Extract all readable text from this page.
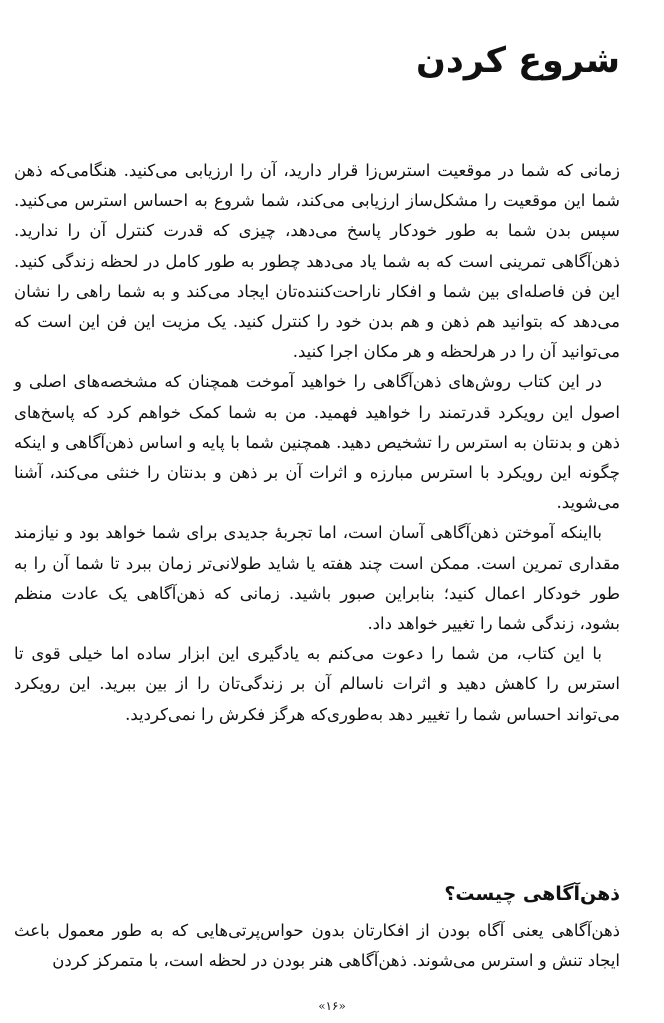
شروع کردن

زمانی که شما در موقعیت استرس‌زا قرار دارید، آن را ارزیابی می‌کنید. هنگامی‌که ذهن شما این موقعیت را مشکل‌ساز ارزیابی می‌کند، شما شروع به احساس استرس می‌کنید. سپس بدن شما به طور خودکار پاسخ می‌دهد، چیزی که قدرت کنترل آن را ندارید. ذهن‌آگاهی تمرینی است که به شما یاد می‌دهد چطور به طور کامل در لحظه زندگی کنید. این فن فاصله‌ای بین شما و افکار ناراحت‌کننده‌تان ایجاد می‌کند و به شما راهی را نشان می‌دهد که بتوانید هم ذهن و هم بدن خود را کنترل کنید. یک مزیت این فن این است که می‌توانید آن را در هرلحظه و هر مکان اجرا کنید.

در این کتاب روش‌های ذهن‌آگاهی را خواهید آموخت همچنان که مشخصه‌های اصلی و اصول این رویکرد قدرتمند را خواهید فهمید. من به شما کمک خواهم کرد که پاسخ‌های ذهن و بدنتان به استرس را تشخیص دهید. همچنین شما با پایه و اساس ذهن‌آگاهی و اینکه چگونه این رویکرد با استرس مبارزه و اثرات آن بر ذهن و بدنتان را خنثی می‌کند، آشنا می‌شوید.

بااینکه آموختن ذهن‌آگاهی آسان است، اما تجربهٔ جدیدی برای شما خواهد بود و نیازمند مقداری تمرین است. ممکن است چند هفته یا شاید طولانی‌تر زمان ببرد تا شما آن را به طور خودکار اعمال کنید؛ بنابراین صبور باشید. زمانی که ذهن‌آگاهی یک عادت منظم بشود، زندگی شما را تغییر خواهد داد.

با این کتاب، من شما را دعوت می‌کنم به یادگیری این ابزار ساده اما خیلی قوی تا استرس را کاهش دهید و اثرات ناسالم آن بر زندگی‌تان را از بین ببرید. این رویکرد می‌تواند احساس شما را تغییر دهد به‌طوری‌که هرگز فکرش را نمی‌کردید.

ذهن‌آگاهی چیست؟

ذهن‌آگاهی یعنی آگاه بودن از افکارتان بدون حواس‌پرتی‌هایی که به طور معمول باعث ایجاد تنش و استرس می‌شوند. ذهن‌آگاهی هنر بودن در لحظه است، با متمرکز کردن

«۱۶»
